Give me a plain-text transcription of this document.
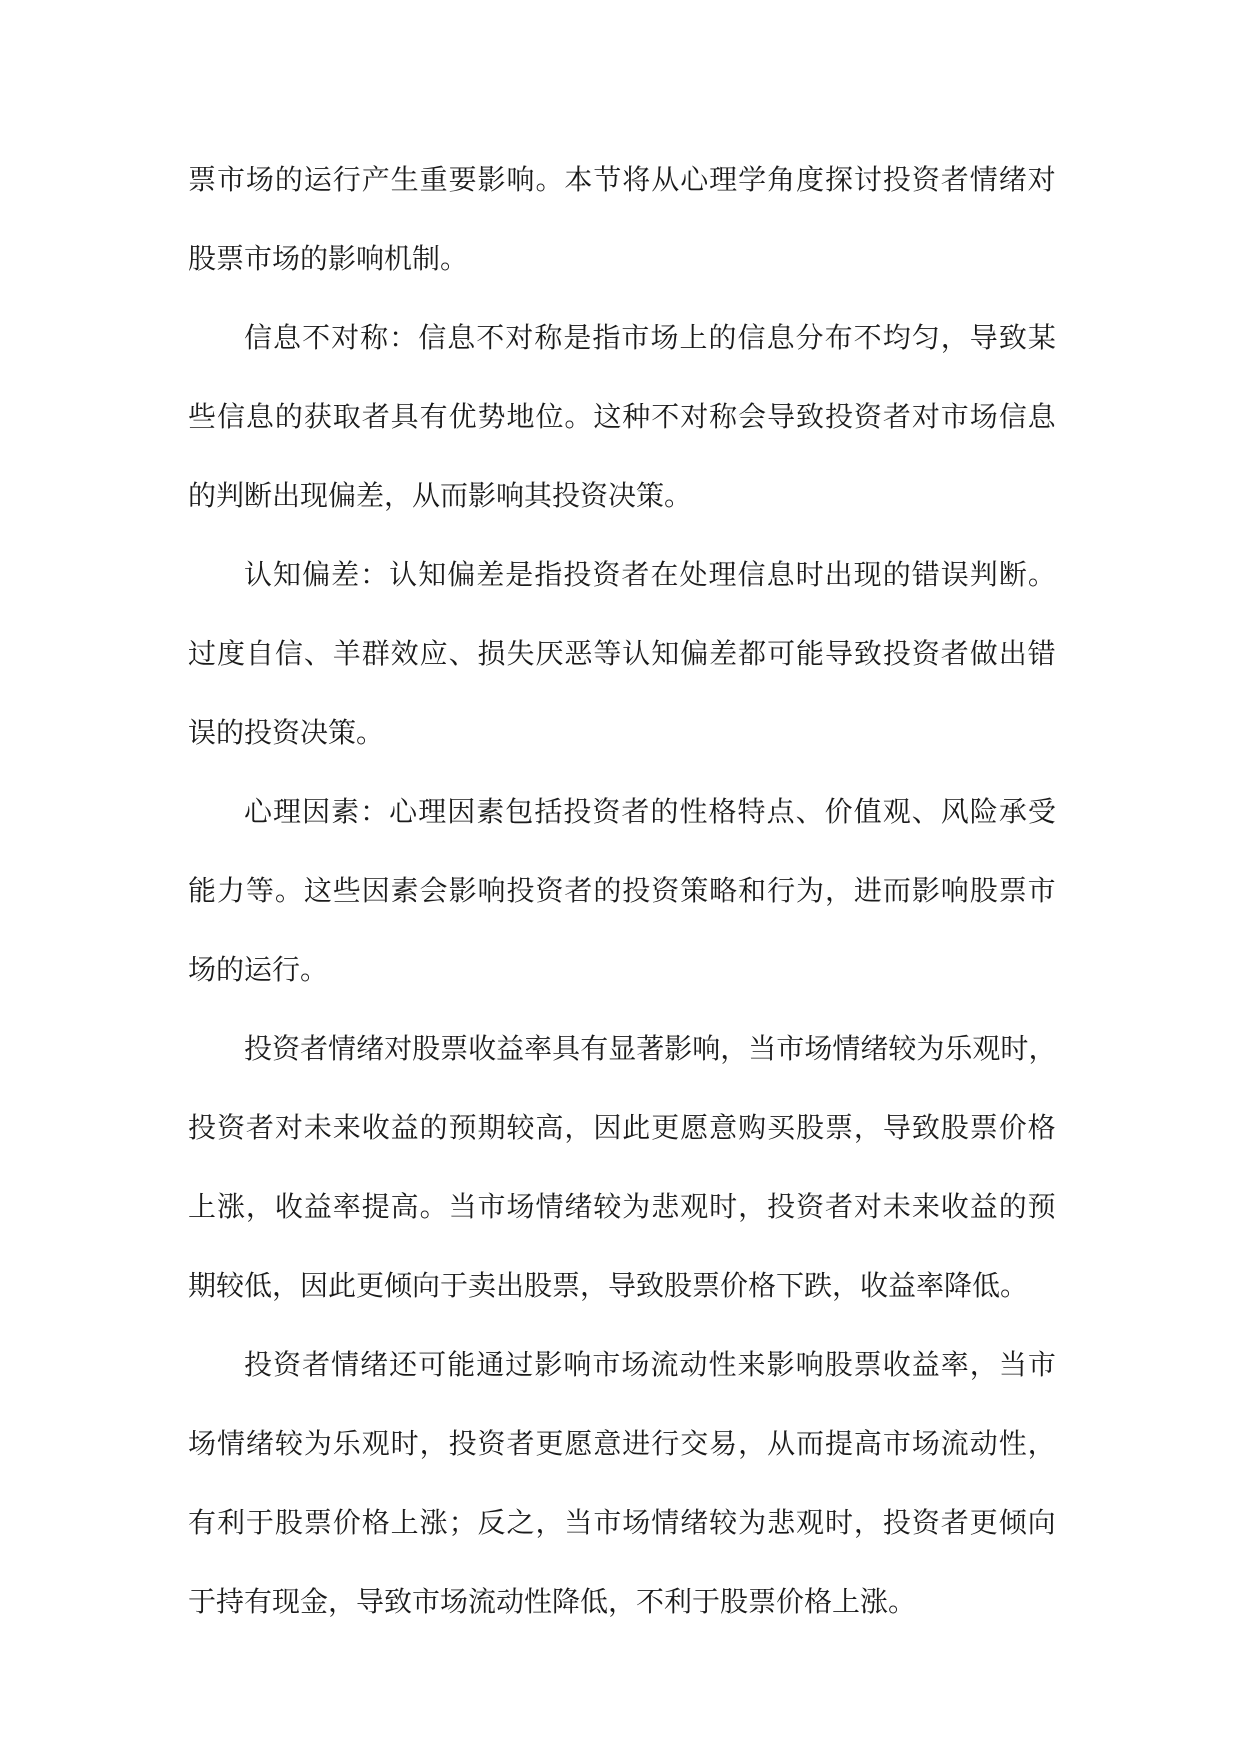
票 市 场 的 运 行 产 生 重 要 影 响 。 本 节 将 从 心 理 学 角 度 探 讨 投 资 者 情 绪 对
股票市场的影响机制。
信 息 不 对 称 ： 信 息 不 对 称 是 指 市 场 上 的 信 息 分 布 不 均 匀 ， 导 致 某
些 信 息 的 获 取 者 具 有 优 势 地 位 。 这 种 不 对 称 会 导 致 投 资 者 对 市 场 信 息
的判断出现偏差，从而影响其投资决策。
认 知 偏 差 ： 认 知 偏 差 是 指 投 资 者 在 处 理 信 息 时 出 现 的 错 误 判 断 。
过 度 自 信 、 羊 群 效 应 、 损 失 厌 恶 等 认 知 偏 差 都 可 能 导 致 投 资 者 做 出 错
误的投资决策。
心 理 因 素 ： 心 理 因 素 包 括 投 资 者 的 性 格 特 点 、 价 值 观 、 风 险 承 受
能 力 等 。 这 些 因 素 会 影 响 投 资 者 的 投 资 策 略 和 行 为 ， 进 而 影 响 股 票 市
场的运行。
投 资 者 情 绪 对 股 票 收 益 率 具 有 显 著 影 响 ， 当 市 场 情 绪 较 为 乐 观 时 ，
投 资 者 对 未 来 收 益 的 预 期 较 高 ， 因 此 更 愿 意 购 买 股 票 ， 导 致 股 票 价 格
上 涨 ， 收 益 率 提 高 。 当 市 场 情 绪 较 为 悲 观 时 ， 投 资 者 对 未 来 收 益 的 预
期较低，因此更倾向于卖出股票，导致股票价格下跌，收益率降低。
投 资 者 情 绪 还 可 能 通 过 影 响 市 场 流 动 性 来 影 响 股 票 收 益 率 ， 当 市
场 情 绪 较 为 乐 观 时 ， 投 资 者 更 愿 意 进 行 交 易 ， 从 而 提 高 市 场 流 动 性 ，
有 利 于 股 票 价 格 上 涨 ； 反 之 ， 当 市 场 情 绪 较 为 悲 观 时 ， 投 资 者 更 倾 向
于持有现金，导致市场流动性降低，不利于股票价格上涨。
